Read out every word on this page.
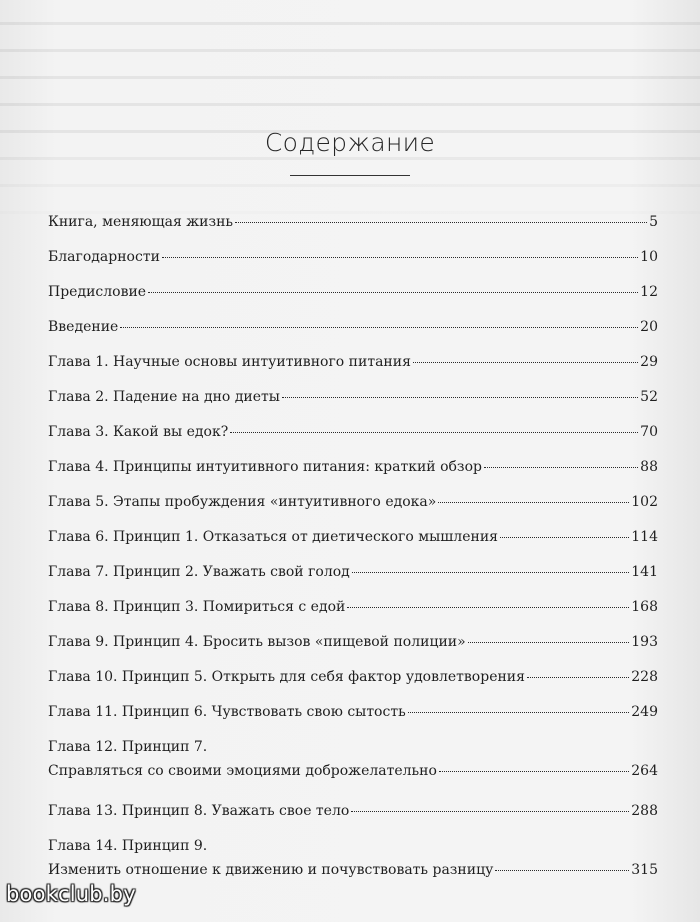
Содержание
Книга, меняющая жизнь	5
Благодарности	10
Предисловие	12
Введение	20
Глава 1. Научные основы интуитивного питания	29
Глава 2. Падение на дно диеты	52
Глава 3. Какой вы едок?	70
Глава 4. Принципы интуитивного питания: краткий обзор	88
Глава 5. Этапы пробуждения «интуитивного едока»	102
Глава 6. Принцип 1. Отказаться от диетического мышления	114
Глава 7. Принцип 2. Уважать свой голод	141
Глава 8. Принцип 3. Помириться с едой	168
Глава 9. Принцип 4. Бросить вызов «пищевой полиции»	193
Глава 10. Принцип 5. Открыть для себя фактор удовлетворения	228
Глава 11. Принцип 6. Чувствовать свою сытость	249
Глава 12. Принцип 7.
Справляться со своими эмоциями доброжелательно	264
Глава 13. Принцип 8. Уважать свое тело	288
Глава 14. Принцип 9.
Изменить отношение к движению и почувствовать разницу	315
bookclub.by
